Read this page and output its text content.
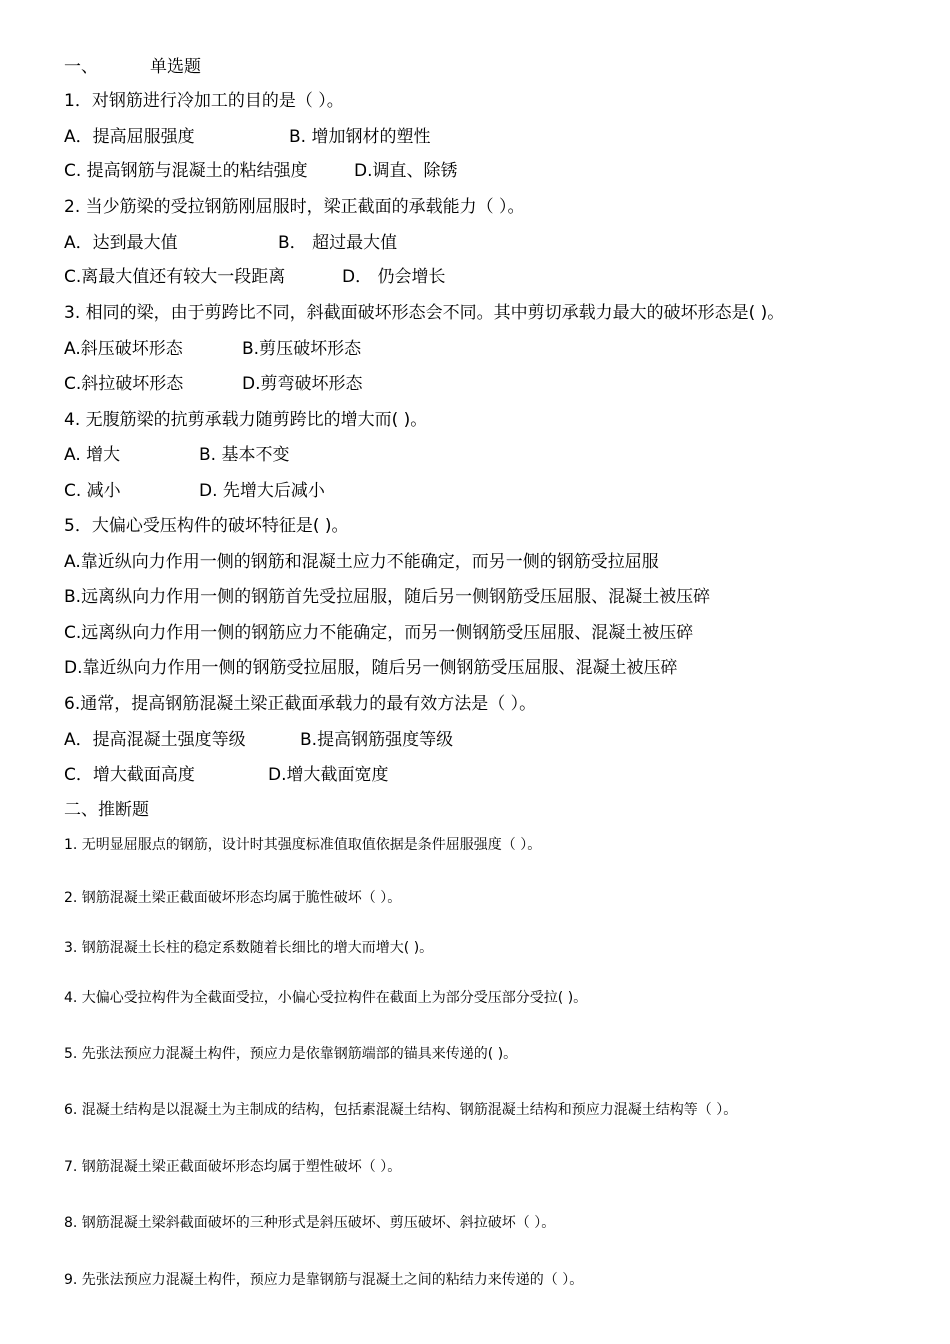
一、	单选题
1．对钢筋进行冷加工的目的是（ ）。
A．提高屈服强度	B. 增加钢材的塑性
C. 提高钢筋与混凝土的粘结强度	D.调直、除锈
2. 当少筋梁的受拉钢筋刚屈服时，梁正截面的承载能力（ ）。
A．达到最大值	B． 超过最大值
C.离最大值还有较大一段距离	D． 仍会增长
3. 相同的梁，由于剪跨比不同，斜截面破坏形态会不同。其中剪切承载力最大的破坏形态是( )。
A.斜压破坏形态	B.剪压破坏形态
C.斜拉破坏形态	D.剪弯破坏形态
4. 无腹筋梁的抗剪承载力随剪跨比的增大而( )。
A. 增大	B. 基本不变
C. 减小	D. 先增大后减小
5．大偏心受压构件的破坏特征是( )。
A.靠近纵向力作用一侧的钢筋和混凝土应力不能确定，而另一侧的钢筋受拉屈服
B.远离纵向力作用一侧的钢筋首先受拉屈服，随后另一侧钢筋受压屈服、混凝土被压碎
C.远离纵向力作用一侧的钢筋应力不能确定，而另一侧钢筋受压屈服、混凝土被压碎
D.靠近纵向力作用一侧的钢筋受拉屈服，随后另一侧钢筋受压屈服、混凝土被压碎
6.通常，提高钢筋混凝土梁正截面承载力的最有效方法是（ ）。
A．提高混凝土强度等级	B.提高钢筋强度等级
C．增大截面高度	D.增大截面宽度
二、推断题
1. 无明显屈服点的钢筋，设计时其强度标准值取值依据是条件屈服强度（ ）。
2. 钢筋混凝土梁正截面破坏形态均属于脆性破坏（ ）。
3. 钢筋混凝土长柱的稳定系数随着长细比的增大而增大( )。
4. 大偏心受拉构件为全截面受拉，小偏心受拉构件在截面上为部分受压部分受拉( )。
5. 先张法预应力混凝土构件，预应力是依靠钢筋端部的锚具来传递的( )。
6. 混凝土结构是以混凝土为主制成的结构，包括素混凝土结构、钢筋混凝土结构和预应力混凝土结构等（ ）。
7. 钢筋混凝土梁正截面破坏形态均属于塑性破坏（ ）。
8. 钢筋混凝土梁斜截面破坏的三种形式是斜压破坏、剪压破坏、斜拉破坏（ ）。
9. 先张法预应力混凝土构件，预应力是靠钢筋与混凝土之间的粘结力来传递的（ ）。
